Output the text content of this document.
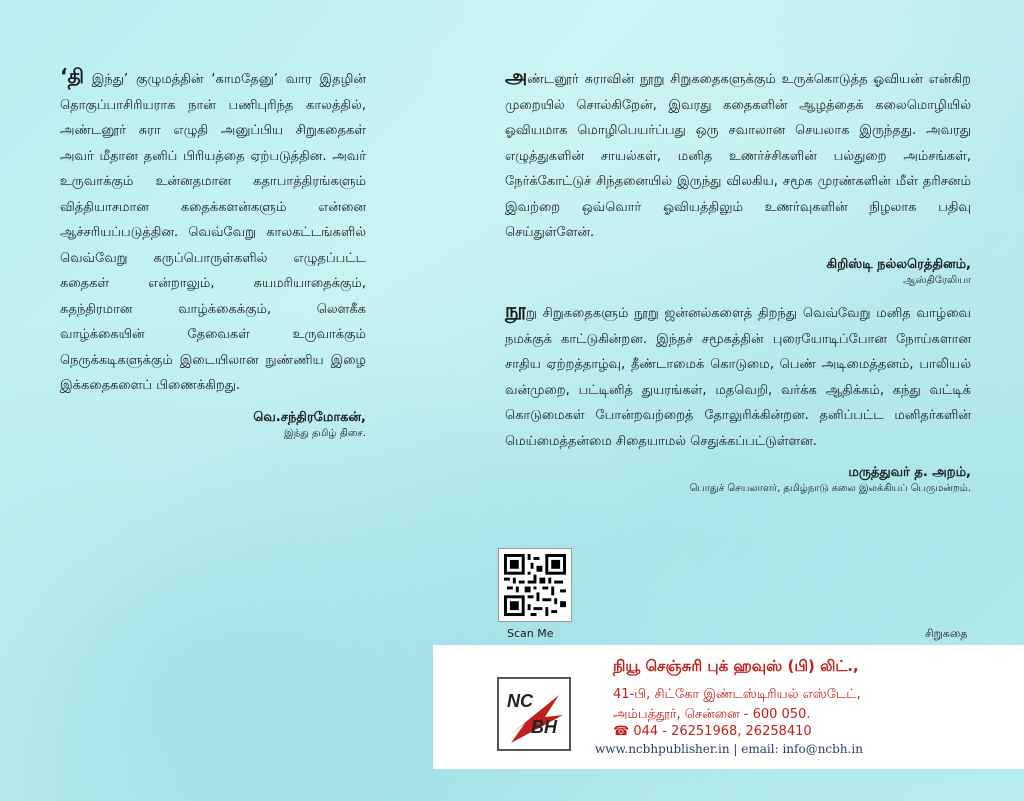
‘தி இந்து’ குழுமத்தின் ‘காமதேனு’ வார இதழின் தொகுப்பாசிரியராக நான் பணிபுரிந்த காலத்தில், அண்டனூர் சுரா எழுதி அனுப்பிய சிறுகதைகள் அவர் மீதான தனிப் பிரியத்தை ஏற்படுத்தின. அவர் உருவாக்கும் உன்னதமான கதாபாத்திரங்களும் வித்தியாசமான கதைக்களன்களும் என்னை ஆச்சரியப்படுத்தின. வெவ்வேறு காலகட்டங்களில் வெவ்வேறு கருப்பொருள்களில் எழுதப்பட்ட கதைகள் என்றாலும், சுயமரியாதைக்கும், சுதந்திரமான வாழ்க்கைக்கும், லௌகீக வாழ்க்கையின் தேவைகள் உருவாக்கும் நெருக்கடிகளுக்கும் இடையிலான நுண்ணிய இழை இக்கதைகளைப் பிணைக்கிறது.

வெ.சந்திரமோகன்,
இந்து தமிழ் திசை.

அண்டனூர் சுராவின் நூறு சிறுகதைகளுக்கும் உருக்கொடுத்த ஓவியன் என்கிற முறையில் சொல்கிறேன், இவரது கதைகளின் ஆழத்தைக் கலைமொழியில் ஓவியமாக மொழிபெயர்ப்பது ஒரு சவாலான செயலாக இருந்தது. அவரது எழுத்துகளின் சாயல்கள், மனித உணர்ச்சிகளின் பல்துறை அம்சங்கள், நேர்க்கோட்டுச் சிந்தனையில் இருந்து விலகிய, சமூக முரண்களின் மீள் தரிசனம் இவற்றை ஒவ்வொர் ஓவியத்திலும் உணர்வுகளின் நிழலாக பதிவு செய்துள்ளேன்.

கிறிஸ்டி நல்லரெத்தினம்,
ஆஸ்திரேலியா

நூறு சிறுகதைகளும் நூறு ஜன்னல்களைத் திறந்து வெவ்வேறு மனித வாழ்வை நமக்குக் காட்டுகின்றன. இந்தச் சமூகத்தின் புரையோடிப்போன நோய்களான சாதிய ஏற்றத்தாழ்வு, தீண்டாமைக் கொடுமை, பெண் அடிமைத்தனம், பாலியல் வன்முறை, பட்டினித் துயரங்கள், மதவெறி, வர்க்க ஆதிக்கம், கந்து வட்டிக் கொடுமைகள் போன்றவற்றைத் தோலுரிக்கின்றன. தனிப்பட்ட மனிதர்களின் மெய்மைத்தன்மை சிதையாமல் செதுக்கப்பட்டுள்ளன.

மருத்துவர் த. அறம்,
பொதுச் செயலாளர், தமிழ்நாடு கலை இலக்கியப் பெருமன்றம்.
Scan Me	சிறுகதை
NC
BH
நியூ செஞ்சுரி புக் ஹவுஸ் (பி) லிட்.,
41-பி, சிட்கோ இண்டஸ்டிரியல் எஸ்டேட்,
அம்பத்தூர், சென்னை - 600 050.
☎ 044 - 26251968, 26258410
www.ncbhpublisher.in | email: info@ncbh.in
